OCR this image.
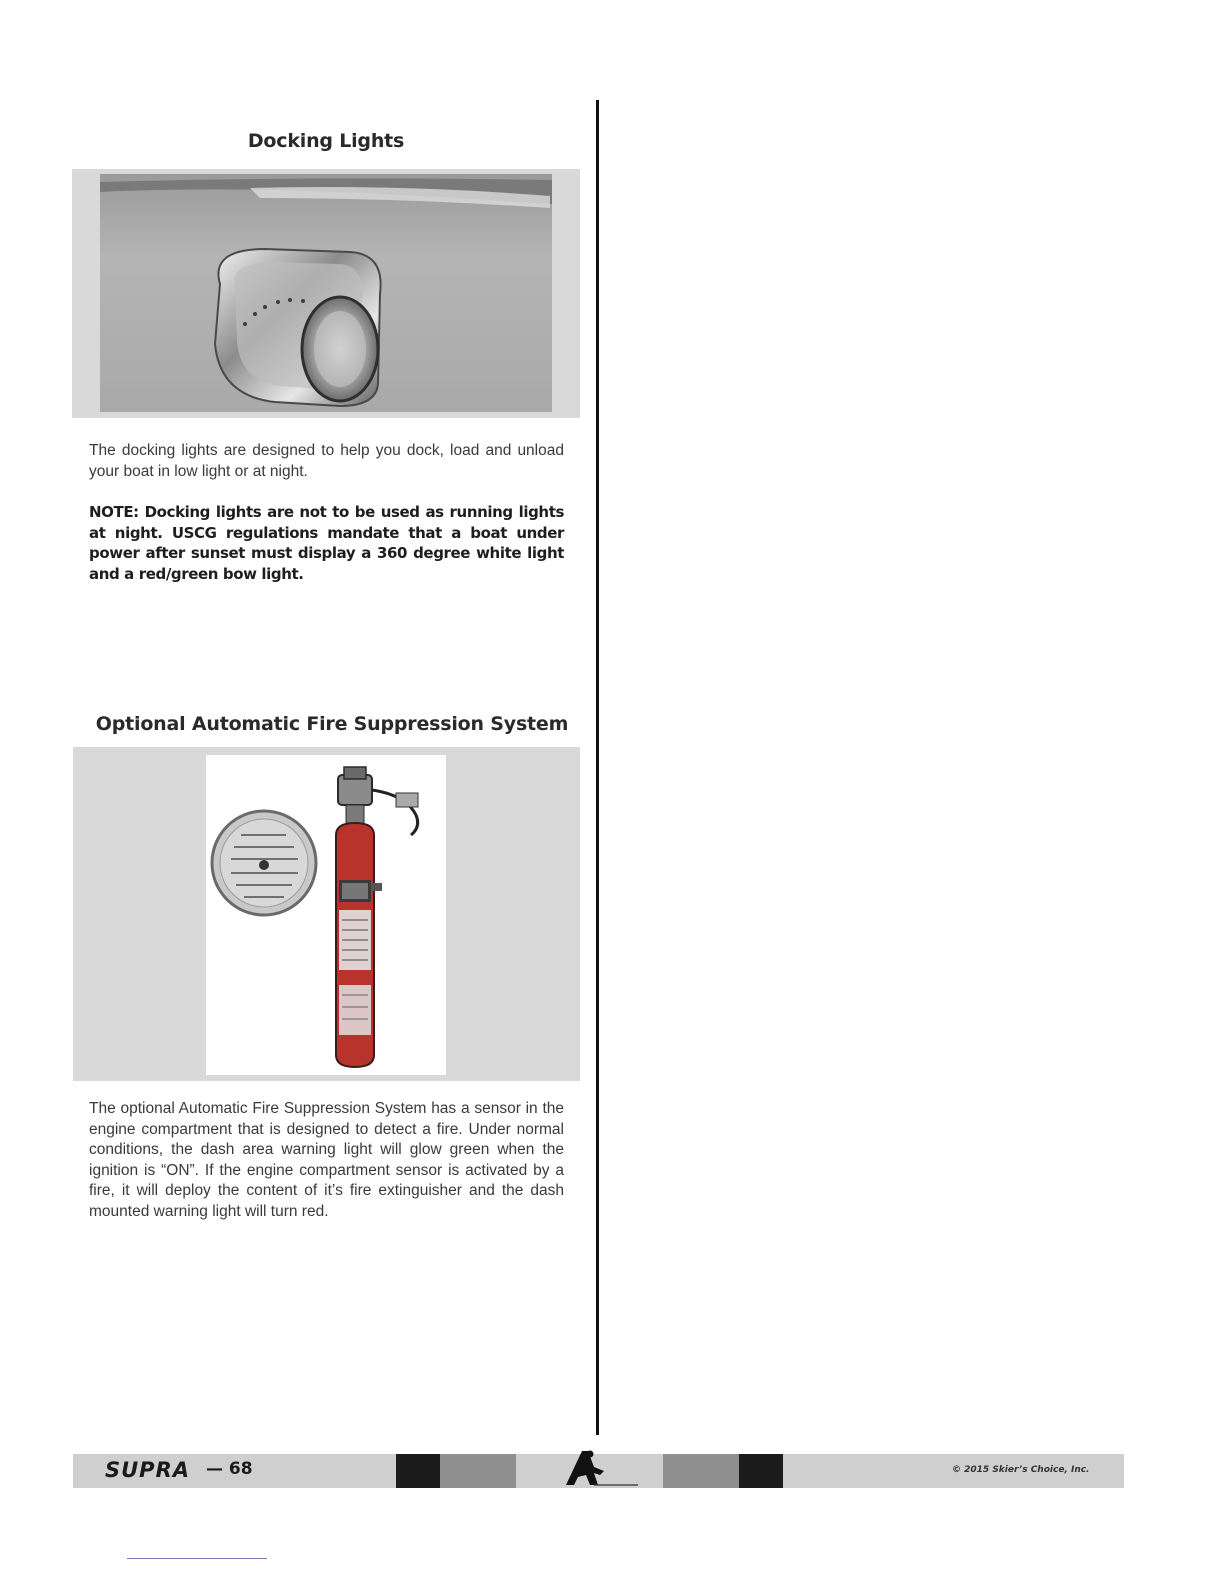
Docking Lights

The docking lights are designed to help you dock, load and unload your boat in low light or at night.

NOTE: Docking lights are not to be used as running lights at night. USCG regulations mandate that a boat under power after sunset must display a 360 degree white light and a red/green bow light.

Optional Automatic Fire Suppression System

The optional Automatic Fire Suppression System has a sensor in the engine compartment that is designed to detect a fire. Under normal conditions, the dash area warning light will glow green when the ignition is “ON”. If the engine compartment sensor is activated by a fire, it will deploy the content of it’s fire extinguisher and the dash mounted warning light will turn red.

SUPRA — 68	© 2015 Skier’s Choice, Inc.
